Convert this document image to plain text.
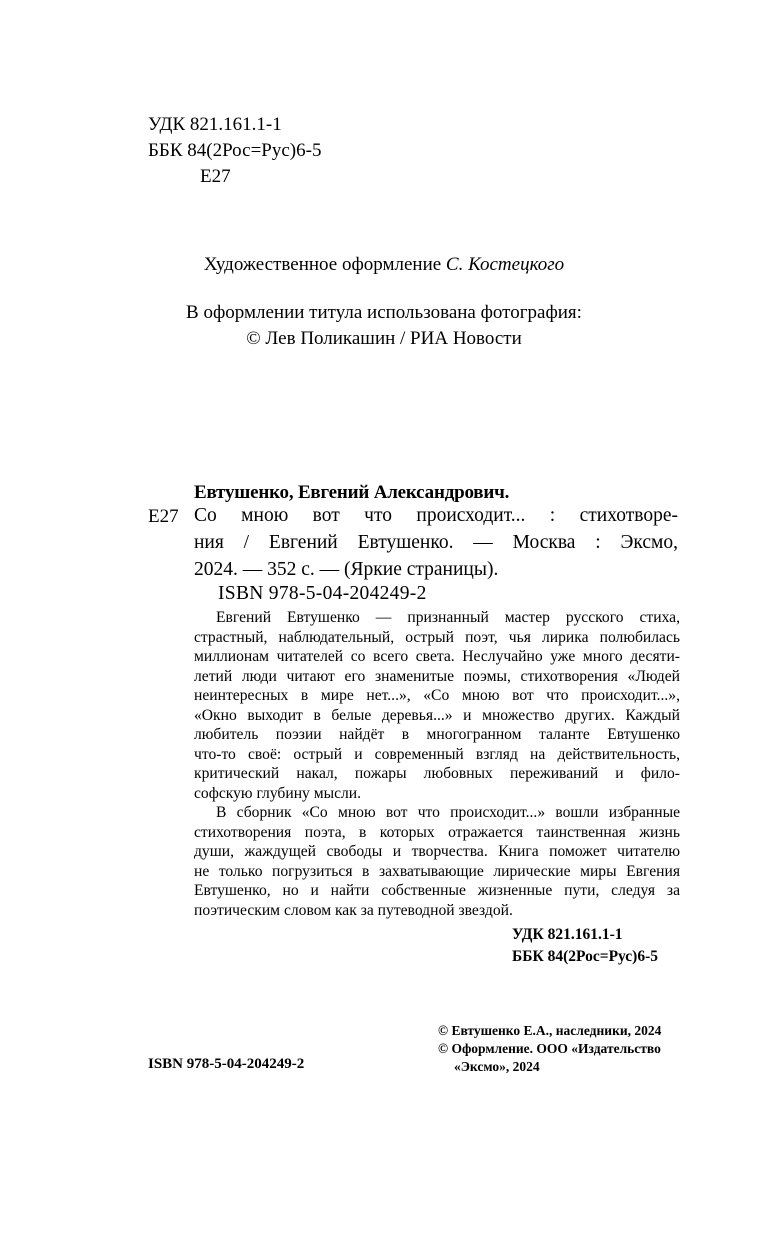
УДК 821.161.1-1
ББК 84(2Рос=Рус)6-5
Е27
Художественное оформление С. Костецкого
В оформлении титула использована фотография:
© Лев Поликашин / РИА Новости
Евтушенко, Евгений Александрович.
Е27 Со мною вот что происходит... : стихотворе-

ния / Евгений Евтушенко. — Москва : Эксмо,

2024. — 352 с. — (Яркие страницы).

ISBN 978-5-04-204249-2

Евгений Евтушенко — признанный мастер русского стиха,

страстный, наблюдательный, острый поэт, чья лирика полюбилась

миллионам читателей со всего света. Неслучайно уже много десяти-

летий люди читают его знаменитые поэмы, стихотворения «Людей

неинтересных в мире нет...», «Со мною вот что происходит...»,

«Окно выходит в белые деревья...» и множество других. Каждый

любитель поэзии найдёт в многогранном таланте Евтушенко

что-то своё: острый и современный взгляд на действительность,

критический накал, пожары любовных переживаний и фило-

софскую глубину мысли.

В сборник «Со мною вот что происходит...» вошли избранные

стихотворения поэта, в которых отражается таинственная жизнь

души, жаждущей свободы и творчества. Книга поможет читателю

не только погрузиться в захватывающие лирические миры Евгения

Евтушенко, но и найти собственные жизненные пути, следуя за

поэтическим словом как за путеводной звездой.

УДК 821.161.1-1
ББК 84(2Рос=Рус)6-5
© Евтушенко Е.А., наследники, 2024
© Оформление. ООО «Издательство
«Эксмо», 2024
ISBN 978-5-04-204249-2
